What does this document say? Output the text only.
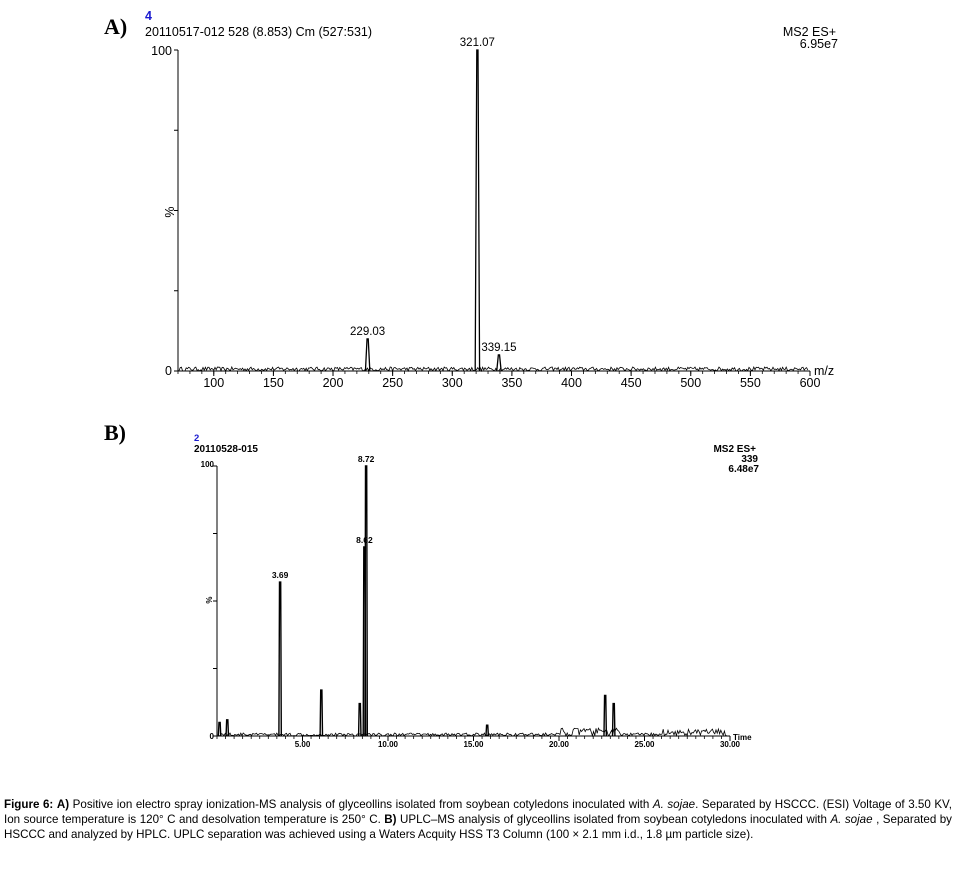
A) 4
20110517-012 528 (8.853) Cm (527:531)	MS2 ES+
6.95e7
100
0
%
m/z
100	150	200	250	300	350	400	450	500	550	600
229.03
321.07
339.15
B)	2
20110528-015	MS2 ES+
339
6.48e7
100
0
%
Time
5.00	10.00	15.00	20.00	25.00	30.00
3.69
8.62
8.72
Figure 6: A) Positive ion electro spray ionization-MS analysis of glyceollins isolated from soybean cotyledons inoculated with A. sojae. Separated by HSCCC. (ESI) Voltage of 3.50 KV, Ion source temperature is 120° C and desolvation temperature is 250° C. B) UPLC–MS analysis of glyceollins isolated from soybean cotyledons inoculated with A. sojae , Separated by HSCCC and analyzed by HPLC. UPLC separation was achieved using a Waters Acquity HSS T3 Column (100 × 2.1 mm i.d., 1.8 µm particle size).
